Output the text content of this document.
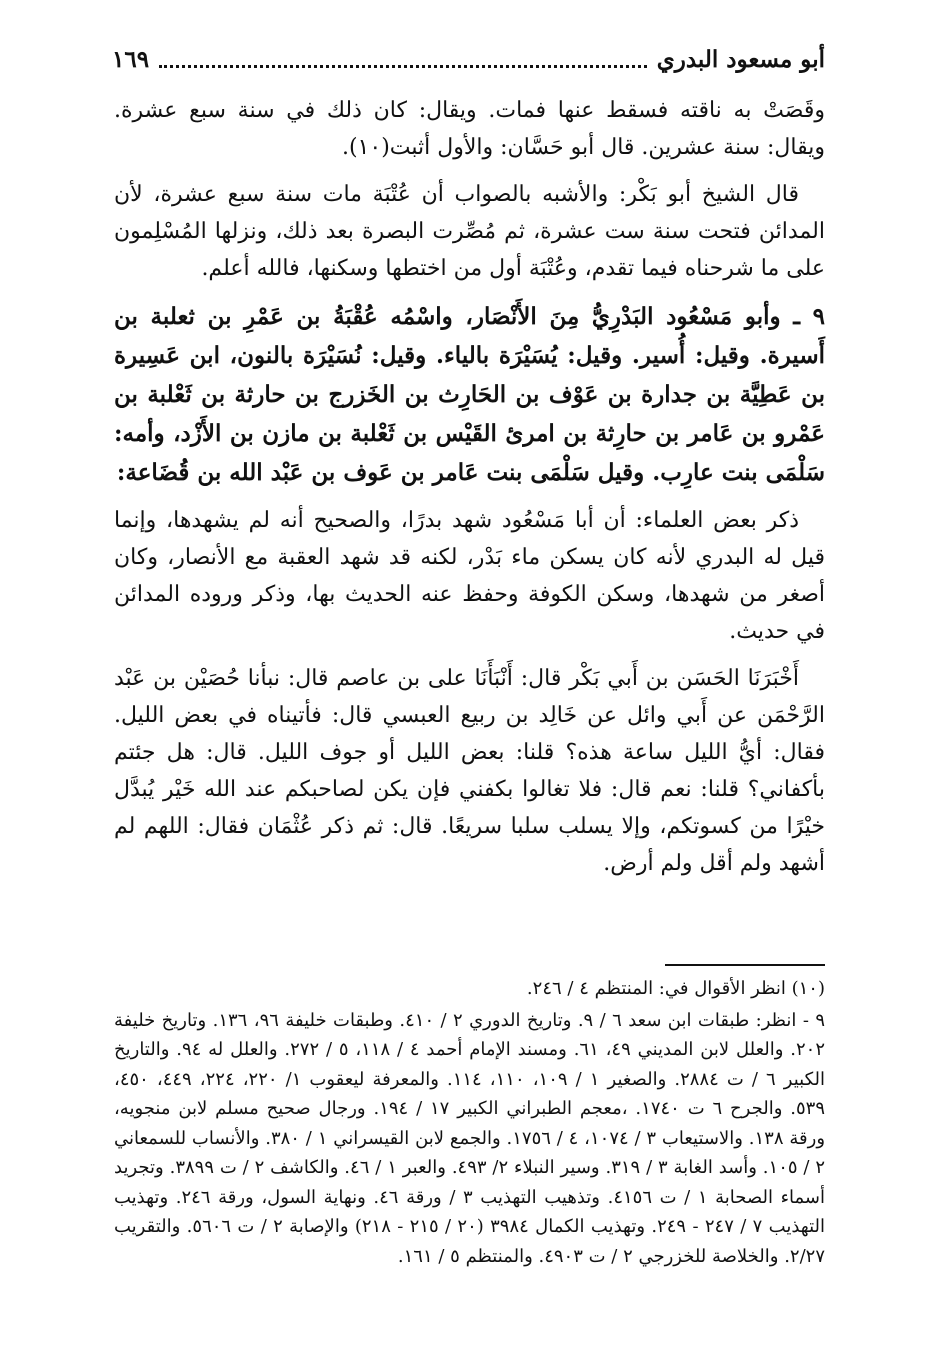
أبو مسعود البدري
١٦٩

وقَصَتْ به ناقته فسقط عنها فمات. ويقال: كان ذلك في سنة سبع عشرة. ويقال: سنة عشرين. قال أبو حَسَّان: والأول أثبت(١٠).

قال الشيخ أبو بَكْر: والأشبه بالصواب أن عُتْبَة مات سنة سبع عشرة، لأن المدائن فتحت سنة ست عشرة، ثم مُصِّرت البصرة بعد ذلك، ونزلها المُسْلِمون على ما شرحناه فيما تقدم، وعُتْبَة أول من اختطها وسكنها، فالله أعلم.

٩ ـ وأبو مَسْعُود البَدْرِيُّ مِنَ الأَنْصَار، واسْمُه عُقْبَةُ بن عَمْرِ بن ثعلبة بن أَسيرة. وقيل: أُسير. وقيل: يُسَيْرَة بالياء. وقيل: نُسَيْرَة بالنون، ابن عَسِيرة بن عَطِيَّة بن جدارة بن عَوْف بن الحَارِث بن الخَزرج بن حارثة بن ثَعْلبة بن عَمْرو بن عَامر بن حارِثة بن امرئ القَيْس بن ثَعْلبة بن مازن بن الأَزْد، وأمه: سَلْمَى بنت عارِب. وقيل سَلْمَى بنت عَامر بن عَوف بن عَبْد الله بن قُضَاعة:

ذكر بعض العلماء: أن أبا مَسْعُود شهد بدرًا، والصحيح أنه لم يشهدها، وإنما قيل له البدري لأنه كان يسكن ماء بَدْر، لكنه قد شهد العقبة مع الأنصار، وكان أصغر من شهدها، وسكن الكوفة وحفظ عنه الحديث بها، وذكر وروده المدائن في حديث.

أَخْبَرَنَا الحَسَن بن أَبي بَكْر قال: أَنْبَأَنَا على بن عاصم قال: نبأنا حُصَيْن بن عَبْد الرَّحْمَن عن أَبي وائل عن خَالِد بن ربيع العبسي قال: فأتيناه في بعض الليل. فقال: أيُّ الليل ساعة هذه؟ قلنا: بعض الليل أو جوف الليل. قال: هل جئتم بأكفاني؟ قلنا: نعم قال: فلا تغالوا بكفني فإن يكن لصاحبكم عند الله خَيْر يُبدَّل خيْرًا من كسوتكم، وإلا يسلب سلبا سريعًا. قال: ثم ذكر عُثْمَان فقال: اللهم لم أشهد ولم أقل ولم أرض.

(١٠) انظر الأقوال في: المنتظم ٤ / ٢٤٦.

٩ - انظر: طبقات ابن سعد ٦ / ٩. وتاريخ الدوري ٢ / ٤١٠. وطبقات خليفة ٩٦، ١٣٦. وتاريخ خليفة ٢٠٢. والعلل لابن المديني ٤٩، ٦١. ومسند الإمام أحمد ٤ / ١١٨، ٥ / ٢٧٢. والعلل له ٩٤. والتاريخ الكبير ٦ / ت ٢٨٨٤. والصغير ١ / ١٠٩، ١١٠، ١١٤. والمعرفة ليعقوب ١/ ٢٢٠، ٢٢٤، ٤٤٩، ٤٥٠، ٥٣٩. والجرح ٦ ت ١٧٤٠. ،معجم الطبراني الكبير ١٧ / ١٩٤. ورجال صحيح مسلم لابن منجويه، ورقة ١٣٨. والاستيعاب ٣ / ١٠٧٤، ٤ / ١٧٥٦. والجمع لابن القيسراني ١ / ٣٨٠. والأنساب للسمعاني ٢ / ١٠٥. وأسد الغابة ٣ / ٣١٩. وسير النبلاء ٢/ ٤٩٣. والعبر ١ / ٤٦. والكاشف ٢ / ت ٣٨٩٩. وتجريد أسماء الصحابة ١ / ت ٤١٥٦. وتذهيب التهذيب ٣ / ورقة ٤٦. ونهاية السول، ورقة ٢٤٦. وتهذيب التهذيب ٧ / ٢٤٧ - ٢٤٩. وتهذيب الكمال ٣٩٨٤ (٢٠ / ٢١٥ - ٢١٨) والإصابة ٢ / ت ٥٦٠٦. والتقريب ٢/٢٧. والخلاصة للخزرجي ٢ / ت ٤٩٠٣. والمنتظم ٥ / ١٦١.
